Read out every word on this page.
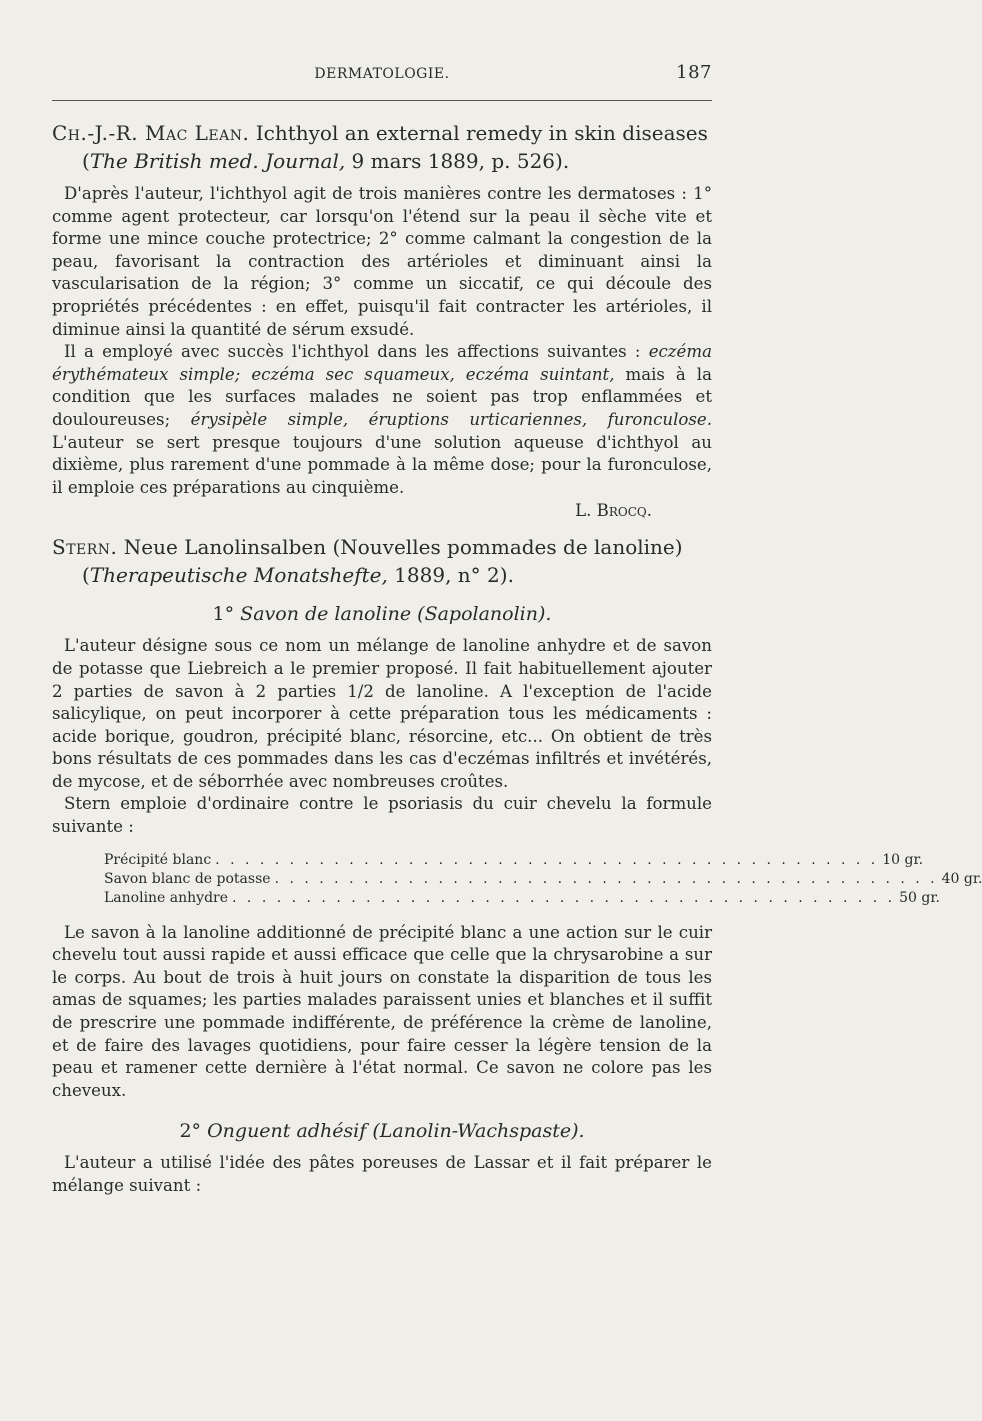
DERMATOLOGIE.	187
Ch.-J.-R. Mac Lean. Ichthyol an external remedy in skin diseases
(The British med. Journal, 9 mars 1889, p. 526).

D'après l'auteur, l'ichthyol agit de trois manières contre les dermatoses : 1° comme agent protecteur, car lorsqu'on l'étend sur la peau il sèche vite et forme une mince couche protectrice; 2° comme calmant la congestion de la peau, favorisant la contraction des artérioles et diminuant ainsi la vascularisation de la région; 3° comme un siccatif, ce qui découle des propriétés précédentes : en effet, puisqu'il fait contracter les artérioles, il diminue ainsi la quantité de sérum exsudé.

Il a employé avec succès l'ichthyol dans les affections suivantes : eczéma érythémateux simple; eczéma sec squameux, eczéma suintant, mais à la condition que les surfaces malades ne soient pas trop enflammées et douloureuses; érysipèle simple, éruptions urticariennes, furonculose. L'auteur se sert presque toujours d'une solution aqueuse d'ichthyol au dixième, plus rarement d'une pommade à la même dose; pour la furonculose, il emploie ces préparations au cinquième.

L. Brocq.
Stern. Neue Lanolinsalben (Nouvelles pommades de lanoline)
(Therapeutische Monatshefte, 1889, n° 2).
1° Savon de lanoline (Sapolanolin).

L'auteur désigne sous ce nom un mélange de lanoline anhydre et de savon de potasse que Liebreich a le premier proposé. Il fait habituellement ajouter 2 parties de savon à 2 parties 1/2 de lanoline. A l'exception de l'acide salicylique, on peut incorporer à cette préparation tous les médicaments : acide borique, goudron, précipité blanc, résorcine, etc... On obtient de très bons résultats de ces pommades dans les cas d'eczémas infiltrés et invétérés, de mycose, et de séborrhée avec nombreuses croûtes.

Stern emploie d'ordinaire contre le psoriasis du cuir chevelu la formule suivante :

Précipité blanc . . . . . . . . . . . . . . . . . . . . . . . . . . . . . . . . . . . . . . . . . . . . . 10 gr.
Savon blanc de potasse . . . . . . . . . . . . . . . . . . . . . . . . . . . . . . . . . . . . . . . . . . . . . 40 gr.
Lanoline anhydre . . . . . . . . . . . . . . . . . . . . . . . . . . . . . . . . . . . . . . . . . . . . . 50 gr.

Le savon à la lanoline additionné de précipité blanc a une action sur le cuir chevelu tout aussi rapide et aussi efficace que celle que la chrysarobine a sur le corps. Au bout de trois à huit jours on constate la disparition de tous les amas de squames; les parties malades paraissent unies et blanches et il suffit de prescrire une pommade indifférente, de préférence la crème de lanoline, et de faire des lavages quotidiens, pour faire cesser la légère tension de la peau et ramener cette dernière à l'état normal. Ce savon ne colore pas les cheveux.

2° Onguent adhésif (Lanolin-Wachspaste).

L'auteur a utilisé l'idée des pâtes poreuses de Lassar et il fait préparer le mélange suivant :
